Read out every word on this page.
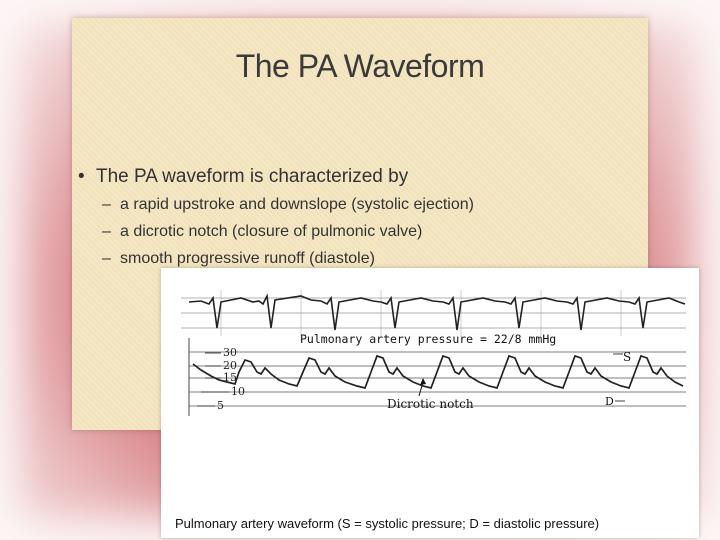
The PA Waveform
• The PA waveform is characterized by
– a rapid upstroke and downslope (systolic ejection)
– a dicrotic notch (closure of pulmonic valve)
– smooth progressive runoff (diastole)
30
20
15
10
5
Pulmonary artery pressure = 22/8 mmHg
Dicrotic notch
S
D
Pulmonary artery waveform (S = systolic pressure; D = diastolic pressure)
